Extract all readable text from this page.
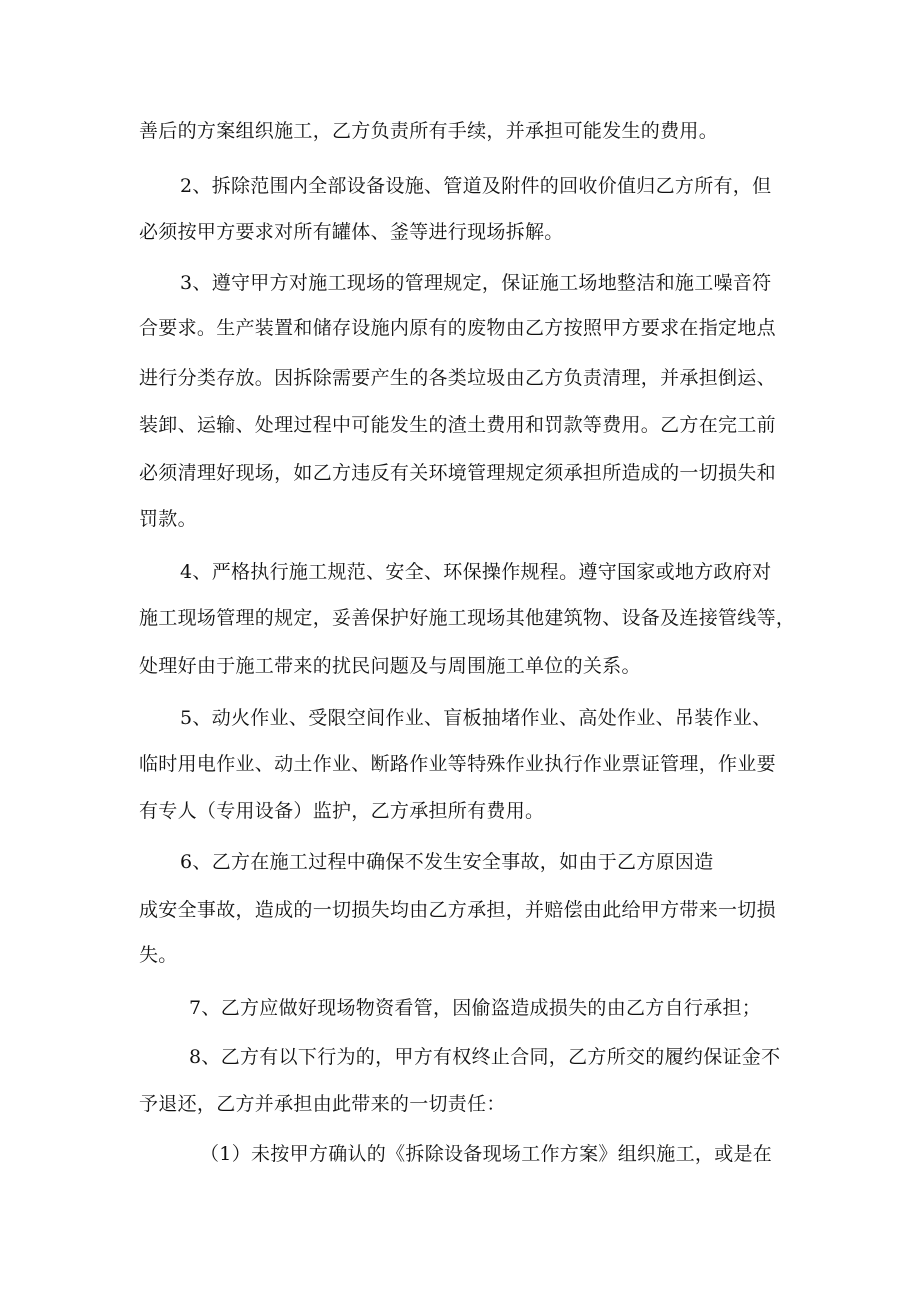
善后的方案组织施工，乙方负责所有手续，并承担可能发生的费用。
2、拆除范围内全部设备设施、管道及附件的回收价值归乙方所有，但
必须按甲方要求对所有罐体、釜等进行现场拆解。
3、遵守甲方对施工现场的管理规定，保证施工场地整洁和施工噪音符
合要求。生产装置和储存设施内原有的废物由乙方按照甲方要求在指定地点
进行分类存放。因拆除需要产生的各类垃圾由乙方负责清理，并承担倒运、
装卸、运输、处理过程中可能发生的渣土费用和罚款等费用。乙方在完工前
必须清理好现场，如乙方违反有关环境管理规定须承担所造成的一切损失和
罚款。
4、严格执行施工规范、安全、环保操作规程。遵守国家或地方政府对
施工现场管理的规定，妥善保护好施工现场其他建筑物、设备及连接管线等，
处理好由于施工带来的扰民问题及与周围施工单位的关系。
5、动火作业、受限空间作业、盲板抽堵作业、高处作业、吊装作业、
临时用电作业、动土作业、断路作业等特殊作业执行作业票证管理，作业要
有专人（专用设备）监护，乙方承担所有费用。
6、乙方在施工过程中确保不发生安全事故，如由于乙方原因造
成安全事故，造成的一切损失均由乙方承担，并赔偿由此给甲方带来一切损
失。
7、乙方应做好现场物资看管，因偷盗造成损失的由乙方自行承担；
8、乙方有以下行为的，甲方有权终止合同，乙方所交的履约保证金不
予退还，乙方并承担由此带来的一切责任：
（1）未按甲方确认的《拆除设备现场工作方案》组织施工，或是在
